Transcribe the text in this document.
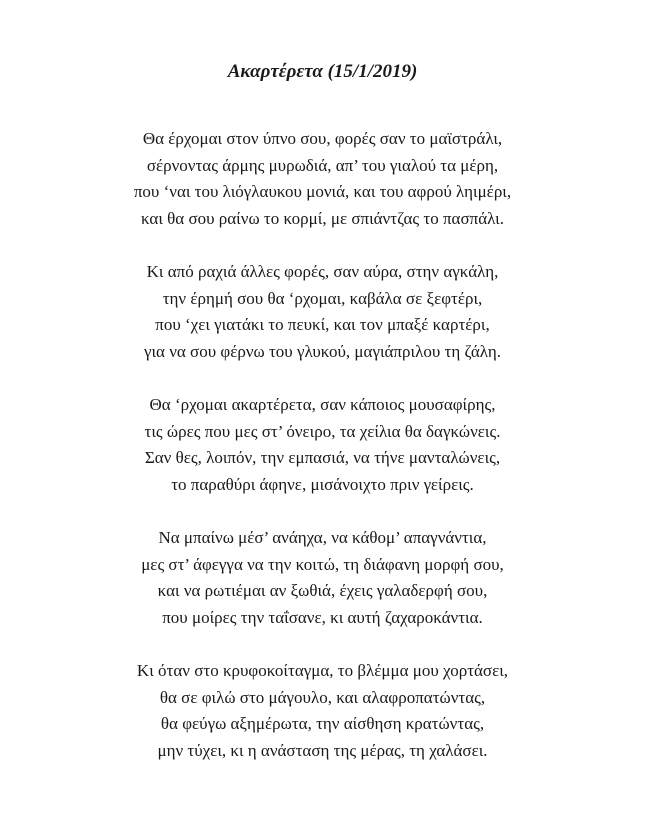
Ακαρτέρετα (15/1/2019)
Θα έρχομαι στον ύπνο σου, φορές σαν το μαϊστράλι,
σέρνοντας άρμης μυρωδιά, απ’ του γιαλού τα μέρη,
που ‘ναι του λιόγλαυκου μονιά, και του αφρού ληιμέρι,
και θα σου ραίνω το κορμί, με σπιάντζας το πασπάλι.
Κι από ραχιά άλλες φορές, σαν αύρα, στην αγκάλη,
την έρημή σου θα ‘ρχομαι, καβάλα σε ξεφτέρι,
που ‘χει γιατάκι το πευκί, και τον μπαξέ καρτέρι,
για να σου φέρνω του γλυκού, μαγιάπριλου τη ζάλη.
Θα ‘ρχομαι ακαρτέρετα, σαν κάποιος μουσαφίρης,
τις ώρες που μες στ’ όνειρο, τα χείλια θα δαγκώνεις.
Σαν θες, λοιπόν, την εμπασιά, να τήνε μανταλώνεις,
το παραθύρι άφηνε, μισάνοιχτο πριν γείρεις.
Να μπαίνω μέσ’ ανάηχα, να κάθομ’ απαγνάντια,
μες στ’ άφεγγα να την κοιτώ, τη διάφανη μορφή σου,
και να ρωτιέμαι αν ξωθιά, έχεις γαλαδερφή σου,
που μοίρες την ταΐσανε, κι αυτή ζαχαροκάντια.
Κι όταν στο κρυφοκοίταγμα, το βλέμμα μου χορτάσει,
θα σε φιλώ στο μάγουλο, και αλαφροπατώντας,
θα φεύγω αξημέρωτα, την αίσθηση κρατώντας,
μην τύχει, κι η ανάσταση της μέρας, τη χαλάσει.
